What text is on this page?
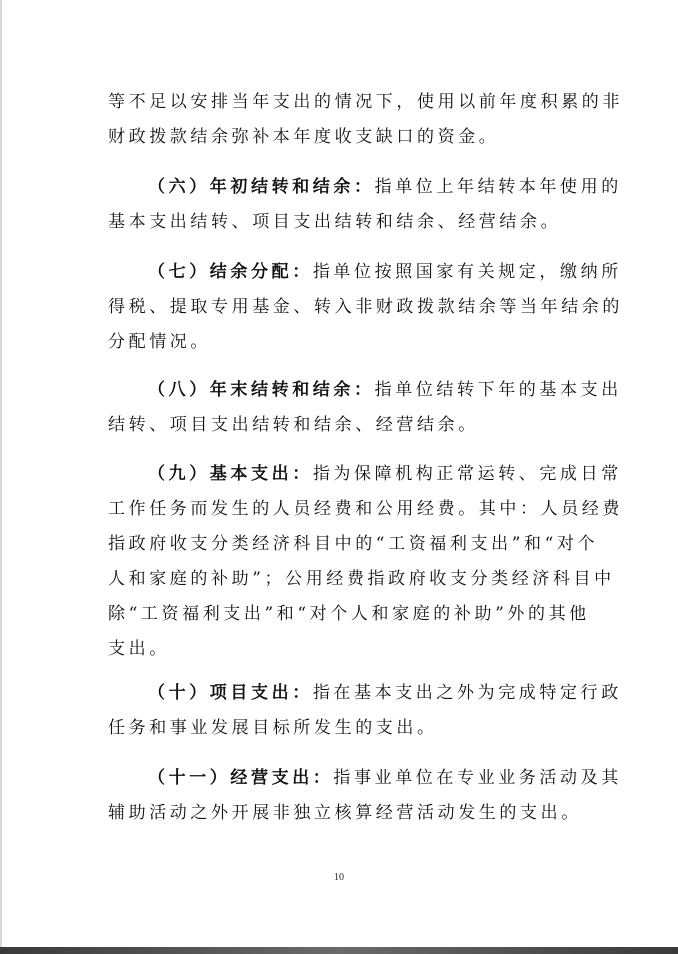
等不足以安排当年支出的情况下，使用以前年度积累的非
财政拨款结余弥补本年度收支缺口的资金。
（六）年初结转和结余：指单位上年结转本年使用的
基本支出结转、项目支出结转和结余、经营结余。
（七）结余分配：指单位按照国家有关规定，缴纳所
得税、提取专用基金、转入非财政拨款结余等当年结余的
分配情况。
（八）年末结转和结余：指单位结转下年的基本支出
结转、项目支出结转和结余、经营结余。
（九）基本支出：指为保障机构正常运转、完成日常
工作任务而发生的人员经费和公用经费。其中：人员经费
指政府收支分类经济科目中的“工资福利支出”和“对个
人和家庭的补助”；公用经费指政府收支分类经济科目中
除“工资福利支出”和“对个人和家庭的补助”外的其他
支出。
（十）项目支出：指在基本支出之外为完成特定行政
任务和事业发展目标所发生的支出。
（十一）经营支出：指事业单位在专业业务活动及其
辅助活动之外开展非独立核算经营活动发生的支出。
10
